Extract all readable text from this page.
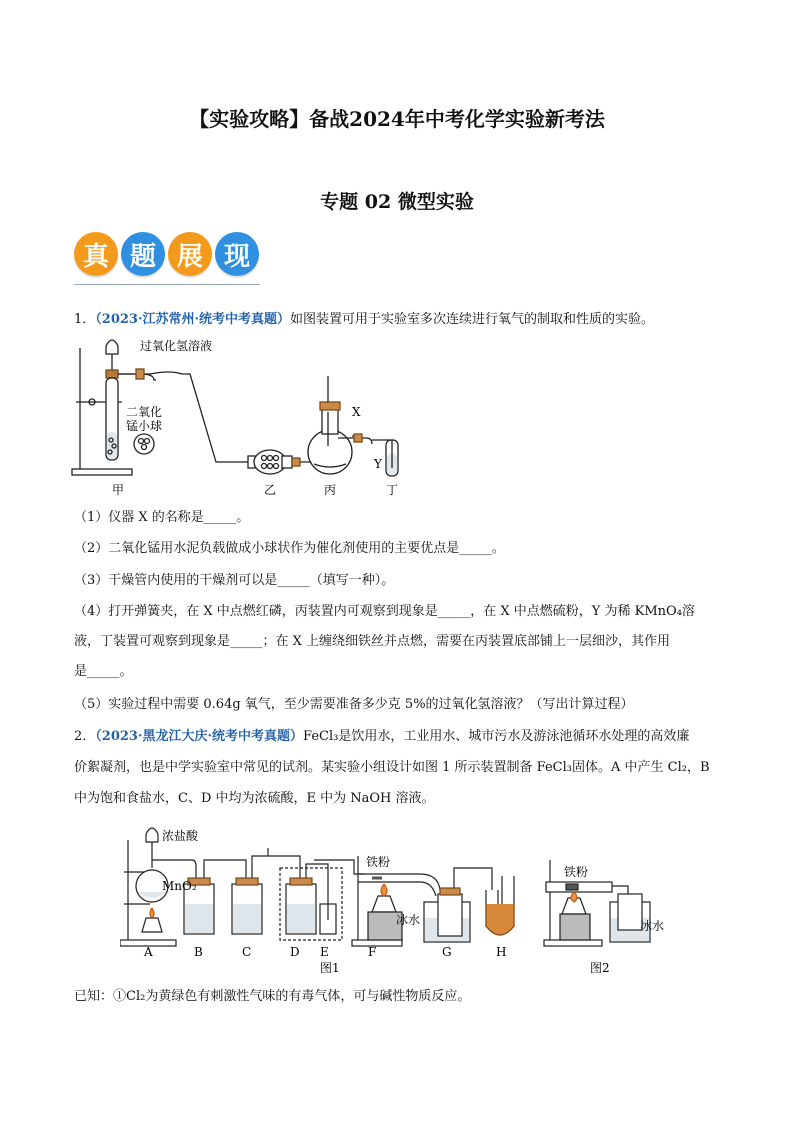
【实验攻略】备战2024年中考化学实验新考法
专题 02 微型实验
真 题 展 现
1．（2023·江苏常州·统考中考真题）如图装置可用于实验室多次连续进行氧气的制取和性质的实验。
过氧化氢溶液
二氧化
锰小球
X
Y
甲	乙	丙	丁
（1）仪器 X 的名称是_____。
（2）二氧化锰用水泥负载做成小球状作为催化剂使用的主要优点是_____。
（3）干燥管内使用的干燥剂可以是_____（填写一种）。
（4）打开弹簧夹，在 X 中点燃红磷，丙装置内可观察到现象是_____，在 X 中点燃硫粉，Y 为稀 KMnO₄溶
液，丁装置可观察到现象是_____；在 X 上缠绕细铁丝并点燃，需要在丙装置底部铺上一层细沙，其作用
是_____。
（5）实验过程中需要 0.64g 氧气，至少需要准备多少克 5%的过氧化氢溶液？（写出计算过程）
2．（2023·黑龙江大庆·统考中考真题）FeCl₃是饮用水，工业用水、城市污水及游泳池循环水处理的高效廉
价絮凝剂，也是中学实验室中常见的试剂。某实验小组设计如图 1 所示装置制备 FeCl₃固体。A 中产生 Cl₂，B
中为饱和食盐水，C、D 中均为浓硫酸，E 中为 NaOH 溶液。
浓盐酸
MnO₂
铁粉
冰水
铁粉
冰水
A	B	C	D E	F	G	H
图1	图2
已知：①Cl₂为黄绿色有刺激性气味的有毒气体，可与碱性物质反应。
